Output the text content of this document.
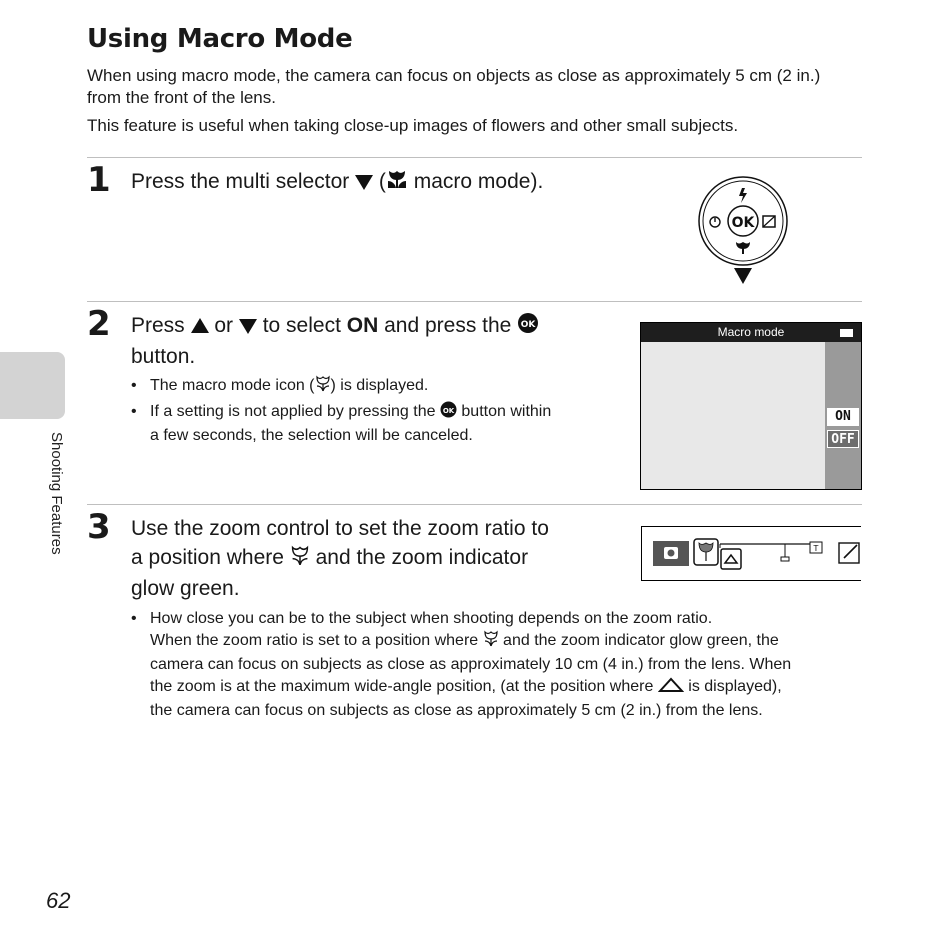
Using Macro Mode
When using macro mode, the camera can focus on objects as close as approximately 5 cm (2 in.) from the front of the lens.
This feature is useful when taking close-up images of flowers and other small subjects.
1 Press the multi selector  ( macro mode).
OK
2 Press  or  to select ON and press the OK

button.
• The macro mode icon ( ) is displayed.
• If a setting is not applied by pressing the OK button within
a few seconds, the selection will be canceled.
Macro mode
ON
OFF
3 Use the zoom control to set the zoom ratio to
a position where  and the zoom indicator
glow green.
T
• How close you can be to the subject when shooting depends on the zoom ratio.
When the zoom ratio is set to a position where  and the zoom indicator glow green, the
camera can focus on subjects as close as approximately 10 cm (4 in.) from the lens. When
the zoom is at the maximum wide-angle position, (at the position where  is displayed),
the camera can focus on subjects as close as approximately 5 cm (2 in.) from the lens.
Shooting Features
62
